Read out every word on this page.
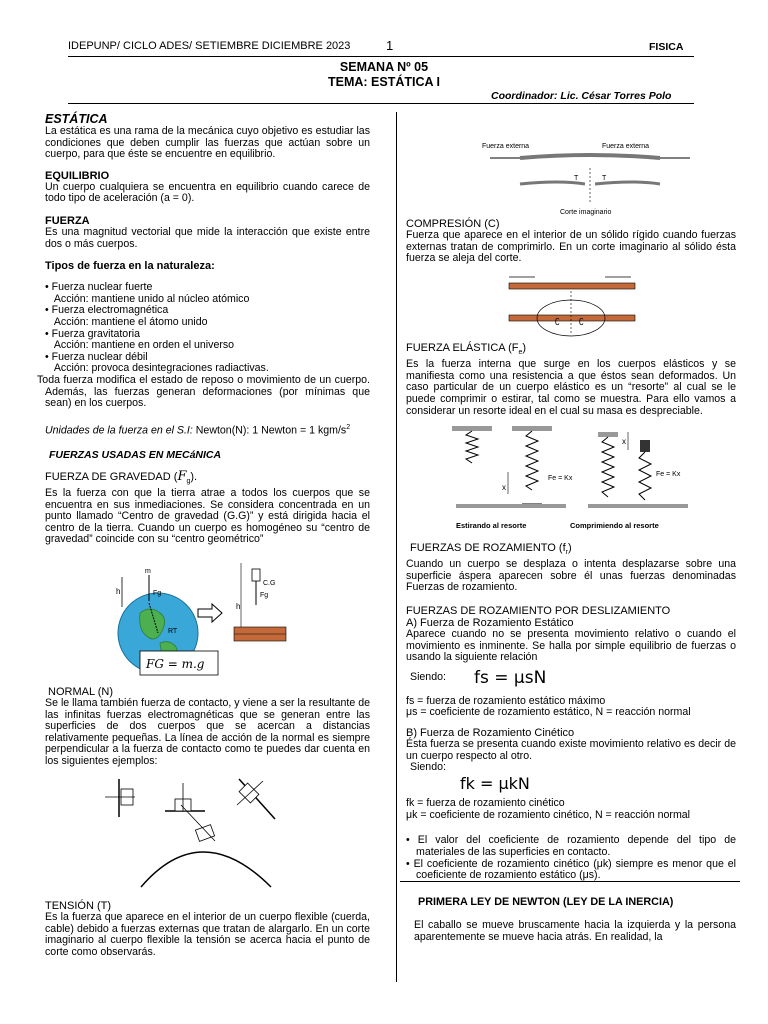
IDEPUNP/ CICLO ADES/ SETIEMBRE DICIEMBRE 2023	1	FISICA
SEMANA Nº 05
TEMA: ESTÁTICA I
Coordinador: Lic. César Torres Polo
ESTÁTICA

La estática es una rama de la mecánica cuyo objetivo es estudiar las condiciones que deben cumplir las fuerzas que actúan sobre un cuerpo, para que éste se encuentre en equilibrio.

EQUILIBRIO

Un cuerpo cualquiera se encuentra en equilibrio cuando carece de todo tipo de aceleración (a = 0).

FUERZA

Es una magnitud vectorial que mide la interacción que existe entre dos o más cuerpos.

Tipos de fuerza en la naturaleza:
• Fuerza nuclear fuerte
Acción: mantiene unido al núcleo atómico
• Fuerza electromagnética
Acción: mantiene el átomo unido
• Fuerza gravitatoria
Acción: mantiene en orden el universo
• Fuerza nuclear débil
Acción: provoca desintegraciones radiactivas.

Toda fuerza modifica el estado de reposo o movimiento de un cuerpo. Además, las fuerzas generan deformaciones (por mínimas que sean) en los cuerpos.

Unidades de la fuerza en el S.I: Newton(N): 1 Newton = 1 kgm/$s^2$

FUERZAS USADAS EN MECáNICA
FUERZA DE GRAVEDAD $(F_g)$.

Es la fuerza con que la tierra atrae a todos los cuerpos que se encuentra en sus inmediaciones. Se considera concentrada en un punto llamado “Centro de gravedad (G.G)” y está dirigida hacia el centro de la tierra. Cuando un cuerpo es homogéneo su “centro de gravedad” coincide con su “centro geométrico”

m
h	Fg
RT
C.G
Fg
h
FG = m.g
NORMAL (N)

Se le llama también fuerza de contacto, y viene a ser la resultante de las infinitas fuerzas electromagnéticas que se generan entre las superficies de dos cuerpos que se acercan a distancias relativamente pequeñas. La línea de acción de la normal es siempre perpendicular a la fuerza de contacto como te puedes dar cuenta en los siguientes ejemplos:

TENSIÓN (T)

Es la fuerza que aparece en el interior de un cuerpo flexible (cuerda, cable) debido a fuerzas externas que tratan de alargarlo. En un corte imaginario al cuerpo flexible la tensión se acerca hacia el punto de corte como observarás.

Fuerza externa	Fuerza externa
T	T
Corte imaginario
COMPRESIÓN (C)

Fuerza que aparece en el interior de un sólido rígido cuando fuerzas externas tratan de comprimirlo. En un corte imaginario al sólido ésta fuerza se aleja del corte.

ʗ ʗ
FUERZA ELÁSTICA $(F_e)$

Es la fuerza interna que surge en los cuerpos elásticos y se manifiesta como una resistencia a que éstos sean deformados. Un caso particular de un cuerpo elástico es un “resorte” al cual se le puede comprimir o estirar, tal como se muestra. Para ello vamos a considerar un resorte ideal en el cual su masa es despreciable.

x
Fe = Kx
Estirando al resorte
x
Fe = Kx
Comprimiendo al resorte
FUERZAS DE ROZAMIENTO $(f_r)$

Cuando un cuerpo se desplaza o intenta desplazarse sobre una superficie áspera aparecen sobre él unas fuerzas denominadas Fuerzas de rozamiento.

FUERZAS DE ROZAMIENTO POR DESLIZAMIENTO
A) Fuerza de Rozamiento Estático

Aparece cuando no se presenta movimiento relativo o cuando el movimiento es inminente. Se halla por simple equilibrio de fuerzas o usando la siguiente relación

Siendo: fs = μsN

fs = fuerza de rozamiento estático máximo

μs = coeficiente de rozamiento estático, N = reacción normal

B) Fuerza de Rozamiento Cinético

Ésta fuerza se presenta cuando existe movimiento relativo es decir de un cuerpo respecto al otro.

Siendo:
fk = μkN

fk = fuerza de rozamiento cinético

μk = coeficiente de rozamiento cinético, N = reacción normal

• El valor del coeficiente de rozamiento depende del tipo de materiales de las superficies en contacto.
• El coeficiente de rozamiento cinético (μk) siempre es menor que el coeficiente de rozamiento estático (μs).
PRIMERA LEY DE NEWTON (LEY DE LA INERCIA)

El caballo se mueve bruscamente hacia la izquierda y la persona aparentemente se mueve hacia atrás. En realidad, la
